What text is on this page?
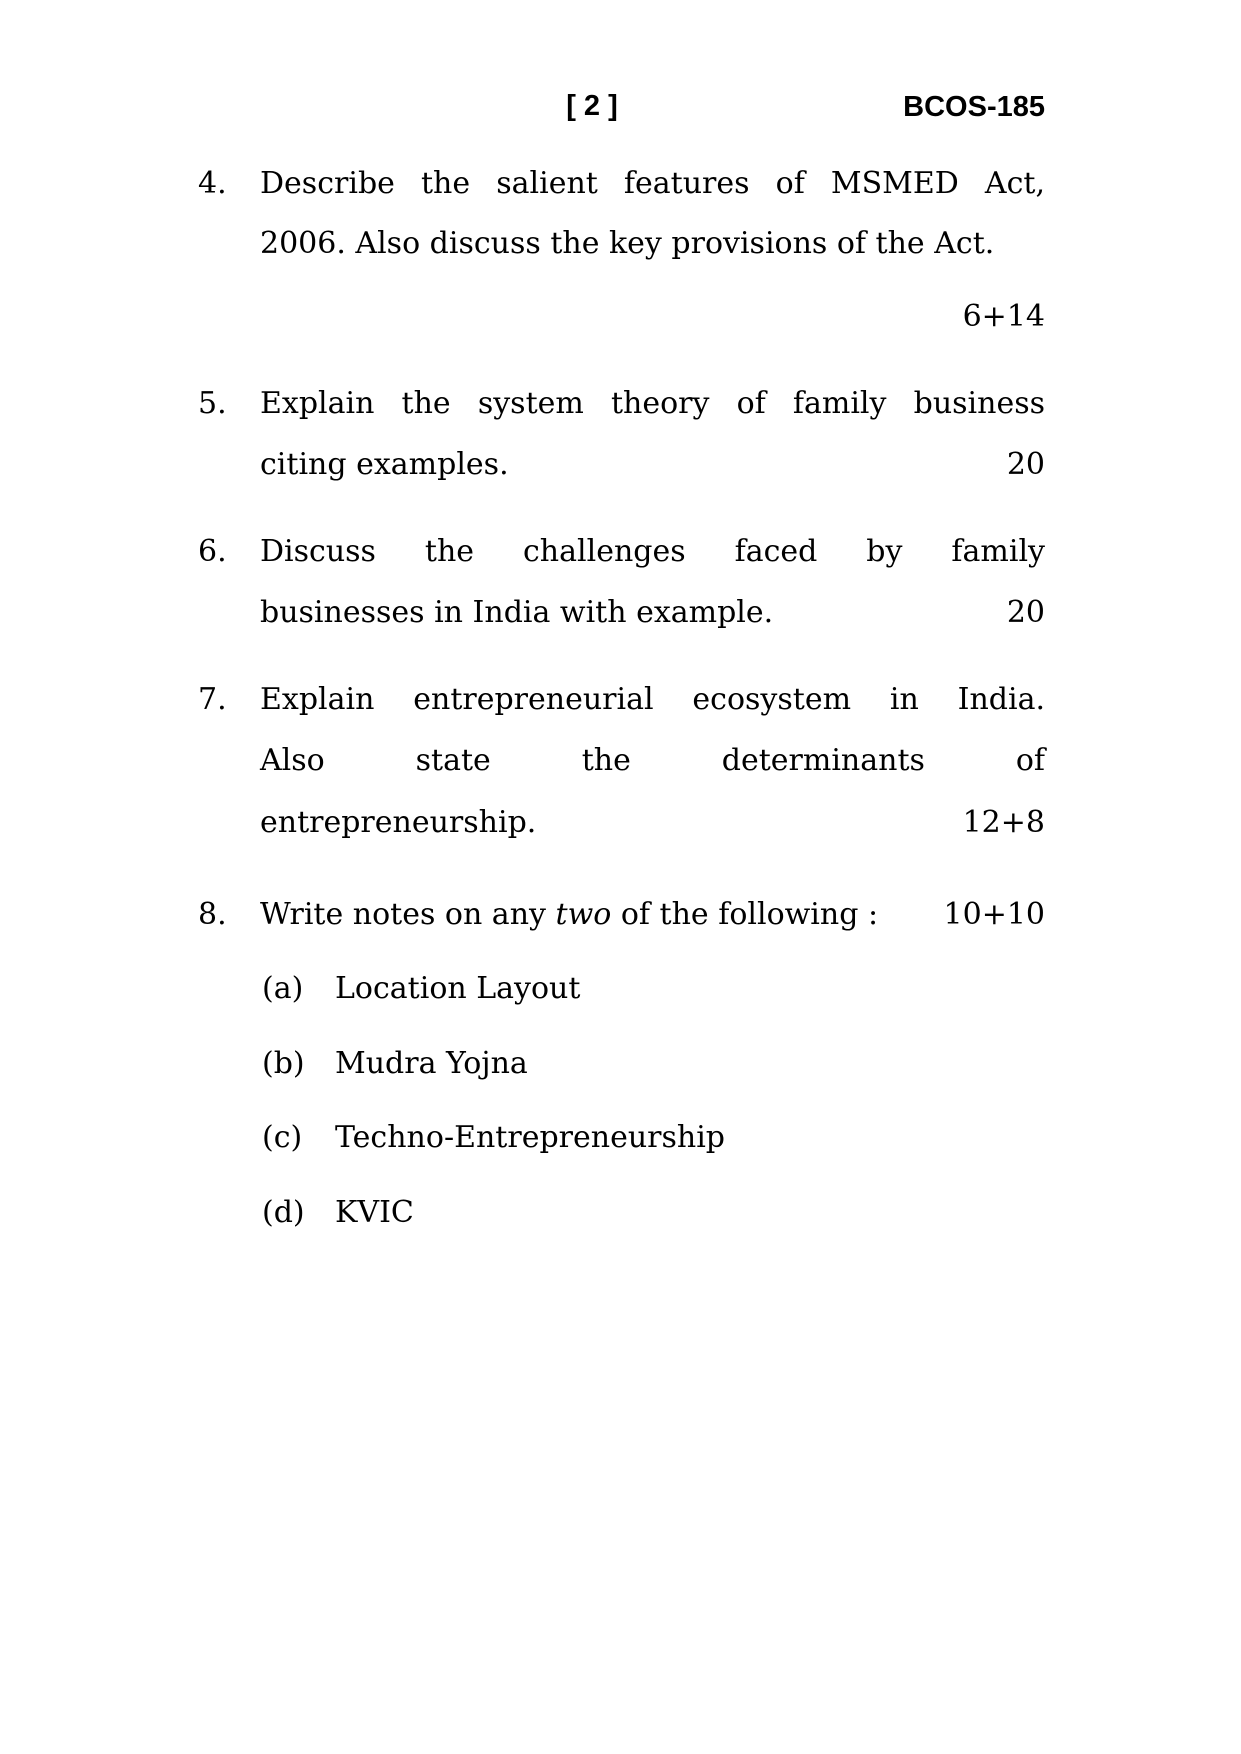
[ 2 ]	BCOS-185
4. Describe the salient features of MSMED Act,
2006. Also discuss the key provisions of the Act.
6+14
5. Explain the system theory of family business
citing examples.	20
6. Discuss the challenges faced by family
businesses in India with example.	20
7. Explain entrepreneurial ecosystem in India.
Also state the determinants of
entrepreneurship.	12+8
8. Write notes on any two of the following :	10+10
(a) Location Layout
(b) Mudra Yojna
(c) Techno-Entrepreneurship
(d) KVIC
